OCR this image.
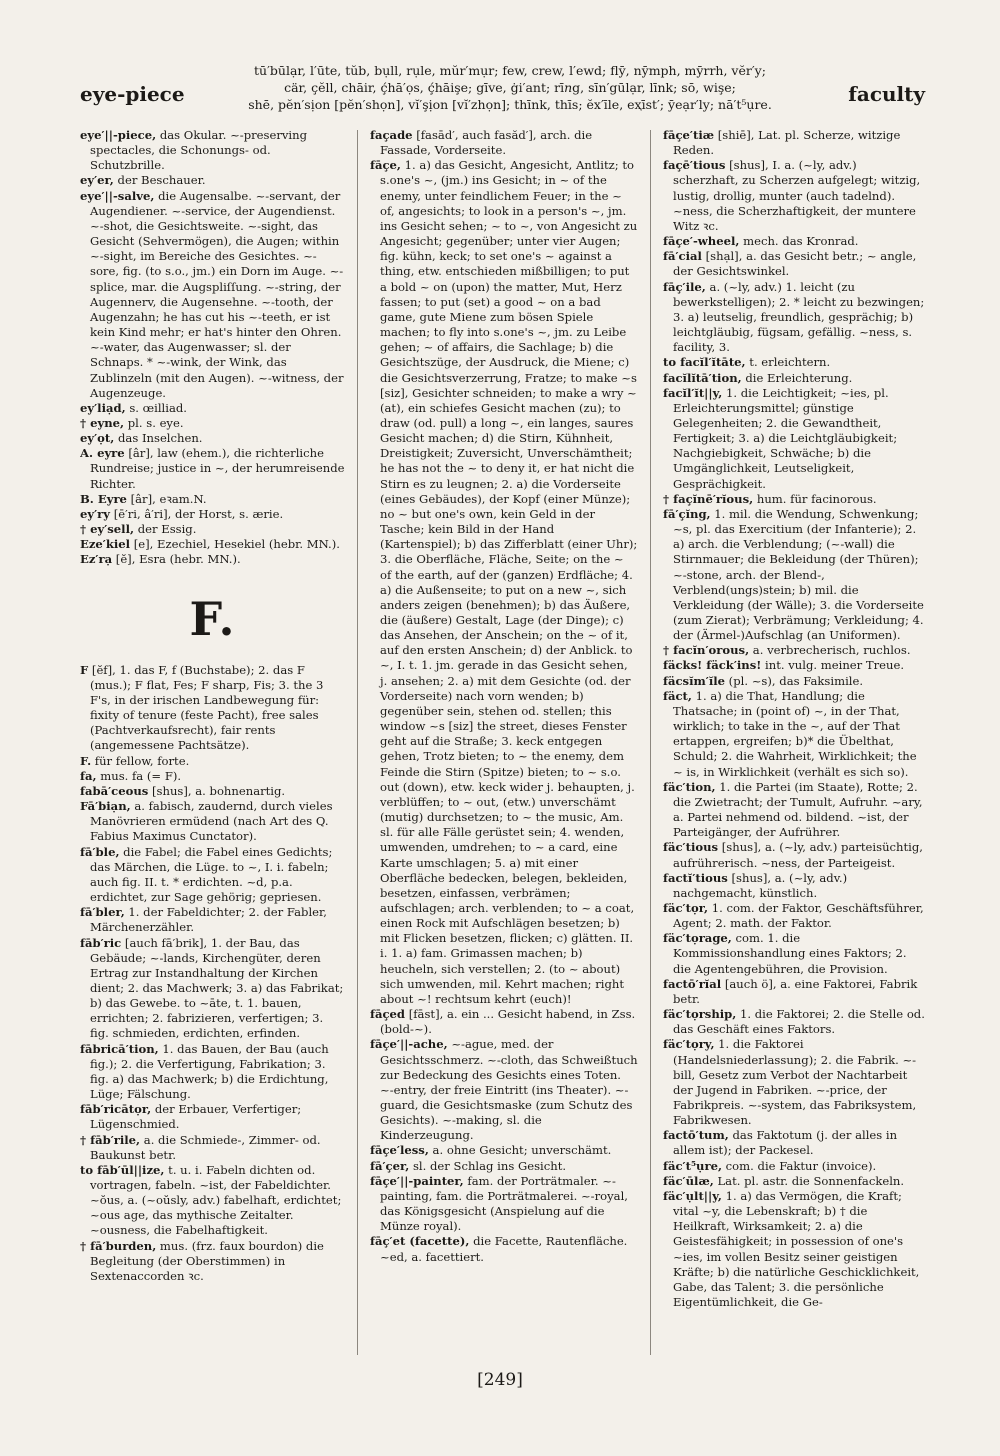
eye-piece
tū′būlạr, l′ūte, tŭb, bụll, rụle, mŭr′mụr; few, crew, l′ewd; flȳ, nȳmph, mȳrrh, vĕr′y;
cär, çĕll, chāir, ḉhā′ọs, ḉhāişe; gīve, ġi′ant; rī𝑛g, sīn′gūlạr, līnk; sō, wişe;
shē, pĕn′sịon [pĕn′shọn], vĭ′şịon [vĭ′zhọn]; thīnk, thīs; ĕx′īle, eҳīst′; ȳeạr′ly; nā′t⁵ụre.	faculty

eye′||-piece, das Okular. ~-preserving spectacles, die Schonungs- od. Schutzbrille.

ey′er, der Beschauer.

eye′||-salve, die Augensalbe. ~-servant, der Augendiener. ~-service, der Augendienst. ~-shot, die Gesichtsweite. ~-sight, das Gesicht (Sehvermögen), die Augen; within ~-sight, im Bereiche des Gesichtes. ~-sore, fig. (to s.o., jm.) ein Dorn im Auge. ~-splice, mar. die Augspliſſung. ~-string, der Augennerv, die Augensehne. ~-tooth, der Augenzahn; he has cut his ~-teeth, er ist kein Kind mehr; er hat's hinter den Ohren. ~-water, das Augenwasser; sl. der Schnaps. * ~-wink, der Wink, das Zublinzeln (mit den Augen). ~-witness, der Augenzeuge.

ey′liạd, s. œilliad.

† eyne, pl. s. eye.

ey′ọt, das Inselchen.

A. eyre [âr], law (ehem.), die richterliche Rundreise; justice in ~, der herumreisende Richter.

B. Eyre [âr], eꝛam.N.

ey′ry [ē′ri, â′ri], der Horst, s. ærie.

† ey′sell, der Essig.

Eze′kiel [e], Ezechiel, Hesekiel (hebr. MN.).

Ez′rạ [ĕ], Esra (hebr. MN.).

F.

F [ĕf], 1. das F, f (Buchstabe); 2. das F (mus.); F flat, Fes; F sharp, Fis; 3. the 3 F's, in der irischen Landbewegung für: fixity of tenure (feste Pacht), free sales (Pachtverkaufsrecht), fair rents (angemessene Pachtsätze).

F. für fellow, forte.

fa, mus. fa (= F).

fabā′ceous [shus], a. bohnenartig.

Fā′biạn, a. fabisch, zaudernd, durch vieles Manövrieren ermüdend (nach Art des Q. Fabius Maximus Cunctator).

fā′ble, die Fabel; die Fabel eines Gedichts; das Märchen, die Lüge. to ~, I. i. fabeln; auch fig. II. t. * erdichten. ~d, p.a. erdichtet, zur Sage gehörig; gepriesen.

fā′bler, 1. der Fabeldichter; 2. der Fabler, Märchenerzähler.

fāb′ric [auch fā′brik], 1. der Bau, das Gebäude; ~-lands, Kirchengüter, deren Ertrag zur Instandhaltung der Kirchen dient; 2. das Machwerk; 3. a) das Fabrikat; b) das Gewebe. to ~āte, t. 1. bauen, errichten; 2. fabrizieren, verfertigen; 3. fig. schmieden, erdichten, erfinden.

fābricā′tion, 1. das Bauen, der Bau (auch fig.); 2. die Verfertigung, Fabrikation; 3. fig. a) das Machwerk; b) die Erdichtung, Lüge; Fälschung.

fāb′ricātọr, der Erbauer, Verfertiger; Lügenschmied.

† fāb′rile, a. die Schmiede-, Zimmer- od. Baukunst betr.

to fāb′ūl||ize, t. u. i. Fabeln dichten od. vortragen, fabeln. ~ist, der Fabeldichter. ~ŏus, a. (~oŭsly, adv.) fabelhaft, erdichtet; ~ous age, das mythische Zeitalter. ~ousness, die Fabelhaftigkeit.

† fā′burden, mus. (frz. faux bourdon) die Begleitung (der Oberstimmen) in Sextenaccorden ꝛc.

façade [fasād′, auch fasăd′], arch. die Fassade, Vorderseite.

fāçe, 1. a) das Gesicht, Angesicht, Antlitz; to s.one's ~, (jm.) ins Gesicht; in ~ of the enemy, unter feindlichem Feuer; in the ~ of, angesichts; to look in a person's ~, jm. ins Gesicht sehen; ~ to ~, von Angesicht zu Angesicht; gegenüber; unter vier Augen; fig. kühn, keck; to set one's ~ against a thing, etw. entschieden mißbilligen; to put a bold ~ on (upon) the matter, Mut, Herz fassen; to put (set) a good ~ on a bad game, gute Miene zum bösen Spiele machen; to fly into s.one's ~, jm. zu Leibe gehen; ~ of affairs, die Sachlage; b) die Gesichtszüge, der Ausdruck, die Miene; c) die Gesichtsverzerrung, Fratze; to make ~s [siz], Gesichter schneiden; to make a wry ~ (at), ein schiefes Gesicht machen (zu); to draw (od. pull) a long ~, ein langes, saures Gesicht machen; d) die Stirn, Kühnheit, Dreistigkeit; Zuversicht, Unverschämtheit; he has not the ~ to deny it, er hat nicht die Stirn es zu leugnen; 2. a) die Vorderseite (eines Gebäudes), der Kopf (einer Münze); no ~ but one's own, kein Geld in der Tasche; kein Bild in der Hand (Kartenspiel); b) das Zifferblatt (einer Uhr); 3. die Oberfläche, Fläche, Seite; on the ~ of the earth, auf der (ganzen) Erdfläche; 4. a) die Außenseite; to put on a new ~, sich anders zeigen (benehmen); b) das Äußere, die (äußere) Gestalt, Lage (der Dinge); c) das Ansehen, der Anschein; on the ~ of it, auf den ersten Anschein; d) der Anblick. to ~, I. t. 1. jm. gerade in das Gesicht sehen, j. ansehen; 2. a) mit dem Gesichte (od. der Vorderseite) nach vorn wenden; b) gegenüber sein, stehen od. stellen; this window ~s [siz] the street, dieses Fenster geht auf die Straße; 3. keck entgegen gehen, Trotz bieten; to ~ the enemy, dem Feinde die Stirn (Spitze) bieten; to ~ s.o. out (down), etw. keck wider j. behaupten, j. verblüffen; to ~ out, (etw.) unverschämt (mutig) durchsetzen; to ~ the music, Am. sl. für alle Fälle gerüstet sein; 4. wenden, umwenden, umdrehen; to ~ a card, eine Karte umschlagen; 5. a) mit einer Oberfläche bedecken, belegen, bekleiden, besetzen, einfassen, verbrämen; aufschlagen; arch. verblenden; to ~ a coat, einen Rock mit Aufschlägen besetzen; b) mit Flicken besetzen, flicken; c) glätten. II. i. 1. a) fam. Grimassen machen; b) heucheln, sich verstellen; 2. (to ~ about) sich umwenden, mil. Kehrt machen; right about ~! rechtsum kehrt (euch)!

fāçed [fāst], a. ein ... Gesicht habend, in Zss. (bold-~).

fāçe′||-ache, ~-ague, med. der Gesichtsschmerz. ~-cloth, das Schweißtuch zur Bedeckung des Gesichts eines Toten. ~-entry, der freie Eintritt (ins Theater). ~-guard, die Gesichtsmaske (zum Schutz des Gesichts). ~-making, sl. die Kinderzeugung.

fāçe′less, a. ohne Gesicht; unverschämt.

fā′çer, sl. der Schlag ins Gesicht.

fāçe′||-painter, fam. der Porträtmaler. ~-painting, fam. die Porträtmalerei. ~-royal, das Königsgesicht (Anspielung auf die Münze royal).

fāç′et (facette), die Facette, Rautenfläche. ~ed, a. facettiert.

fāçe′tiæ [shiē], Lat. pl. Scherze, witzige Reden.

façē′tious [shus], I. a. (~ly, adv.) scherzhaft, zu Scherzen aufgelegt; witzig, lustig, drollig, munter (auch tadelnd). ~ness, die Scherzhaftigkeit, der muntere Witz ꝛc.

fāçe′-wheel, mech. das Kronrad.

fā′cial [shạl], a. das Gesicht betr.; ~ angle, der Gesichtswinkel.

fāç′ile, a. (~ly, adv.) 1. leicht (zu bewerkstelligen); 2. * leicht zu bezwingen; 3. a) leutselig, freundlich, gesprächig; b) leichtgläubig, fügsam, gefällig. ~ness, s. facility, 3.

to facĭl′ĭtāte, t. erleichtern.

facĭlĭtā′tion, die Erleichterung.

facĭl′ĭt||y, 1. die Leichtigkeit; ~ies, pl. Erleichterungsmittel; günstige Gelegenheiten; 2. die Gewandtheit, Fertigkeit; 3. a) die Leichtgläubigkeit; Nachgiebigkeit, Schwäche; b) die Umgänglichkeit, Leutseligkeit, Gesprächigkeit.

† façĭnē′rĭous, hum. für facinorous.

fā′çĭng, 1. mil. die Wendung, Schwenkung; ~s, pl. das Exercitium (der Infanterie); 2. a) arch. die Verblendung; (~-wall) die Stirnmauer; die Bekleidung (der Thüren); ~-stone, arch. der Blend-, Verblend(ungs)stein; b) mil. die Verkleidung (der Wälle); 3. die Vorderseite (zum Zierat); Verbrämung; Verkleidung; 4. der (Ärmel-)Aufschlag (an Uniformen).

† facĭn′orous, a. verbrecherisch, ruchlos.

fäcks! fäck′ins! int. vulg. meiner Treue.

fäcsĭm′ĭle (pl. ~s), das Faksimile.

fäct, 1. a) die That, Handlung; die Thatsache; in (point of) ~, in der That, wirklich; to take in the ~, auf der That ertappen, ergreifen; b)* die Übelthat, Schuld; 2. die Wahrheit, Wirklichkeit; the ~ is, in Wirklichkeit (verhält es sich so).

fäc′tion, 1. die Partei (im Staate), Rotte; 2. die Zwietracht; der Tumult, Aufruhr. ~ary, a. Partei nehmend od. bildend. ~ist, der Parteigänger, der Aufrührer.

fäc′tious [shus], a. (~ly, adv.) parteisüchtig, aufrührerisch. ~ness, der Parteigeist.

factĭ′tious [shus], a. (~ly, adv.) nachgemacht, künstlich.

fäc′tọr, 1. com. der Faktor, Geschäftsführer, Agent; 2. math. der Faktor.

fäc′tọrage, com. 1. die Kommissionshandlung eines Faktors; 2. die Agentengebühren, die Provision.

factō′rĭal [auch ö], a. eine Faktorei, Fabrik betr.

fäc′tọrship, 1. die Faktorei; 2. die Stelle od. das Geschäft eines Faktors.

fäc′tọry, 1. die Faktorei (Handelsniederlassung); 2. die Fabrik. ~-bill, Gesetz zum Verbot der Nachtarbeit der Jugend in Fabriken. ~-price, der Fabrikpreis. ~-system, das Fabriksystem, Fabrikwesen.

factō′tum, das Faktotum (j. der alles in allem ist); der Packesel.

fäc′t⁵ụre, com. die Faktur (invoice).

fäc′ūlæ, Lat. pl. astr. die Sonnenfackeln.

fäc′ụlt||y, 1. a) das Vermögen, die Kraft; vital ~y, die Lebenskraft; b) † die Heilkraft, Wirksamkeit; 2. a) die Geistesfähigkeit; in possession of one's ~ies, im vollen Besitz seiner geistigen Kräfte; b) die natürliche Geschicklichkeit, Gabe, das Talent; 3. die persönliche Eigentümlichkeit, die Ge-

[249]
